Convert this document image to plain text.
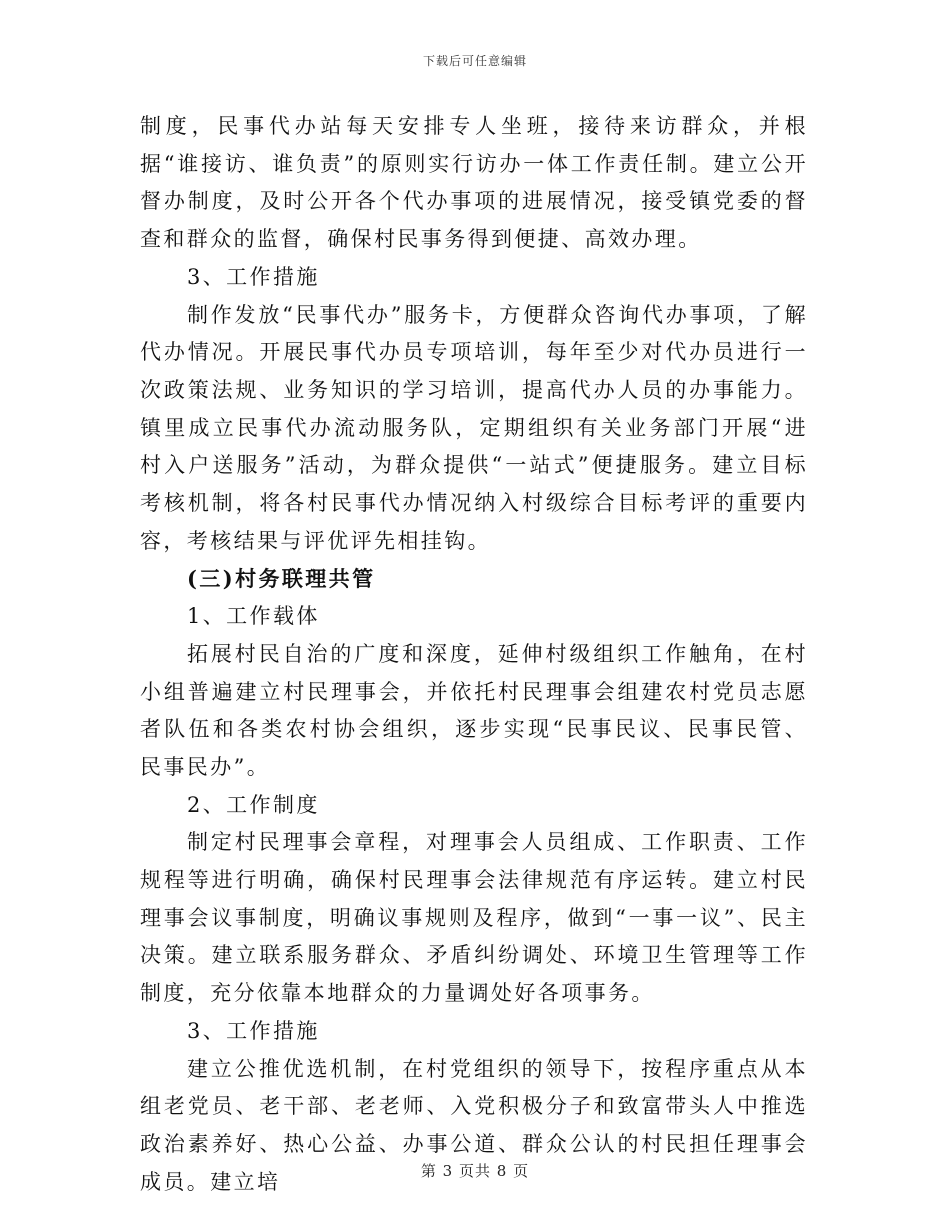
下载后可任意编辑

制度，民事代办站每天安排专人坐班，接待来访群众，并根据“谁接访、谁负责”的原则实行访办一体工作责任制。建立公开督办制度，及时公开各个代办事项的进展情况，接受镇党委的督查和群众的监督，确保村民事务得到便捷、高效办理。

3、工作措施

制作发放“民事代办”服务卡，方便群众咨询代办事项，了解代办情况。开展民事代办员专项培训，每年至少对代办员进行一次政策法规、业务知识的学习培训，提高代办人员的办事能力。镇里成立民事代办流动服务队，定期组织有关业务部门开展“进村入户送服务”活动，为群众提供“一站式”便捷服务。建立目标考核机制，将各村民事代办情况纳入村级综合目标考评的重要内容，考核结果与评优评先相挂钩。

(三)村务联理共管

1、工作载体

拓展村民自治的广度和深度，延伸村级组织工作触角，在村小组普遍建立村民理事会，并依托村民理事会组建农村党员志愿者队伍和各类农村协会组织，逐步实现“民事民议、民事民管、民事民办”。

2、工作制度

制定村民理事会章程，对理事会人员组成、工作职责、工作规程等进行明确，确保村民理事会法律规范有序运转。建立村民理事会议事制度，明确议事规则及程序，做到“一事一议”、民主决策。建立联系服务群众、矛盾纠纷调处、环境卫生管理等工作制度，充分依靠本地群众的力量调处好各项事务。

3、工作措施

建立公推优选机制，在村党组织的领导下，按程序重点从本组老党员、老干部、老老师、入党积极分子和致富带头人中推选政治素养好、热心公益、办事公道、群众公认的村民担任理事会成员。建立培	第 3 页共 8 页
